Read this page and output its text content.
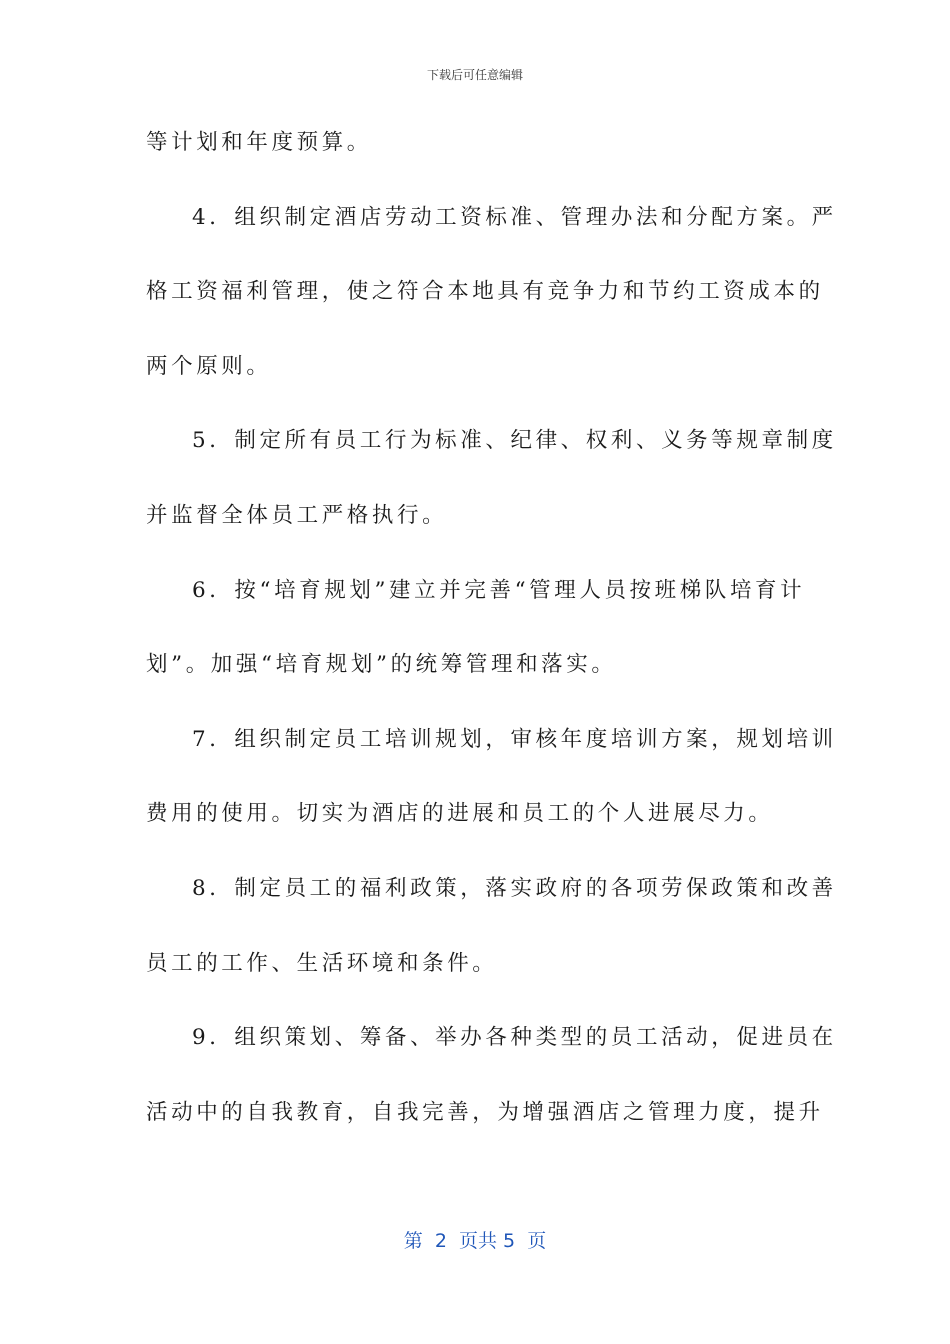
下载后可任意编辑
等计划和年度预算。
4．组织制定酒店劳动工资标准、管理办法和分配方案。严
格工资福利管理，使之符合本地具有竞争力和节约工资成本的
两个原则。
5．制定所有员工行为标准、纪律、权利、义务等规章制度
并监督全体员工严格执行。
6．按“培育规划”建立并完善“管理人员按班梯队培育计
划”。加强“培育规划”的统筹管理和落实。
7．组织制定员工培训规划，审核年度培训方案，规划培训
费用的使用。切实为酒店的进展和员工的个人进展尽力。
8．制定员工的福利政策，落实政府的各项劳保政策和改善
员工的工作、生活环境和条件。
9．组织策划、筹备、举办各种类型的员工活动，促进员在
活动中的自我教育，自我完善，为增强酒店之管理力度，提升
第  2  页共 5  页
